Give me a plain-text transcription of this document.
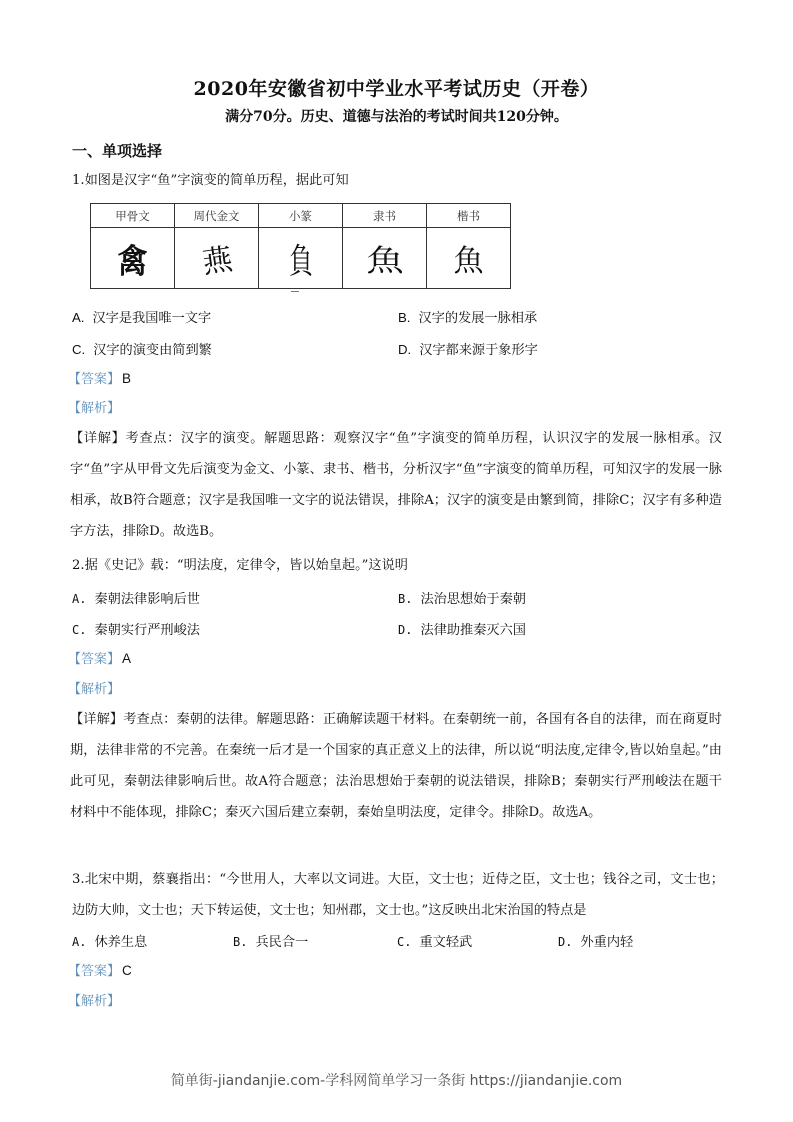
2020年安徽省初中学业水平考试历史（开卷）
满分70分。历史、道德与法治的考试时间共120分钟。
一、单项选择
1.如图是汉字“鱼”字演变的简单历程，据此可知
甲骨文	周代金文	小篆	隶书	楷书
禽	燕	負	魚	魚
A. 汉字是我国唯一文字	B. 汉字的发展一脉相承
C. 汉字的演变由简到繁	D. 汉字都来源于象形字
【答案】 B
【解析】
【详解】考查点：汉字的演变。解题思路：观察汉字“鱼”字演变的简单历程，认识汉字的发展一脉相承。汉字“鱼”字从甲骨文先后演变为金文、小篆、隶书、楷书，分析汉字“鱼”字演变的简单历程，可知汉字的发展一脉相承，故B符合题意；汉字是我国唯一文字的说法错误，排除A；汉字的演变是由繁到简，排除C；汉字有多种造字方法，排除D。故选B。
2.据《史记》载：“明法度，定律令，皆以始皇起。”这说明
A. 秦朝法律影响后世	B. 法治思想始于秦朝
C. 秦朝实行严刑峻法	D. 法律助推秦灭六国
【答案】 A
【解析】
【详解】考查点：秦朝的法律。解题思路：正确解读题干材料。在秦朝统一前，各国有各自的法律，而在商夏时期，法律非常的不完善。在秦统一后才是一个国家的真正意义上的法律，所以说“明法度,定律令,皆以始皇起。”由此可见，秦朝法律影响后世。故A符合题意；法治思想始于秦朝的说法错误，排除B；秦朝实行严刑峻法在题干材料中不能体现，排除C；秦灭六国后建立秦朝，秦始皇明法度，定律令。排除D。故选A。
3.北宋中期，蔡襄指出：“今世用人，大率以文词进。大臣，文士也；近侍之臣，文士也；钱谷之司，文士也；边防大帅，文士也；天下转运使，文士也；知州郡，文士也。”这反映出北宋治国的特点是
A. 休养生息	B. 兵民合一	C. 重文轻武	D. 外重内轻
【答案】 C
【解析】
简单街-jiandanjie.com-学科网简单学习一条街 https://jiandanjie.com
